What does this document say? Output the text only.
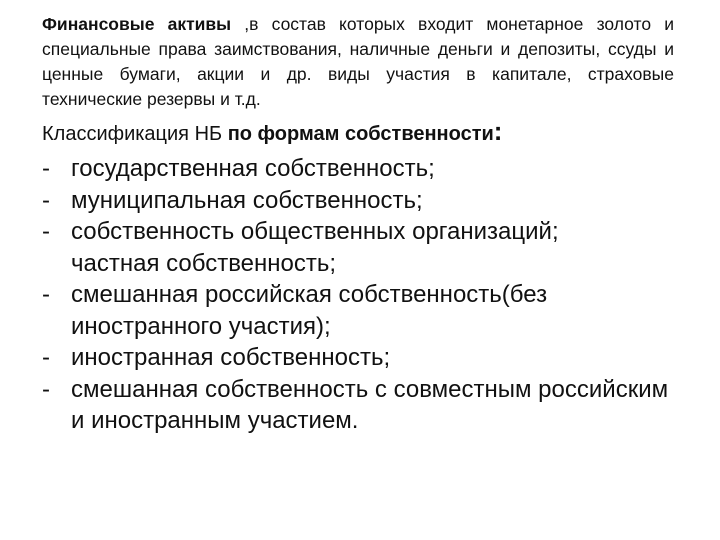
Финансовые активы ,в состав которых входит монетарное золото и специальные права заимствования, наличные деньги и депозиты, ссуды и ценные бумаги, акции и др. виды участия в капитале, страховые технические резервы и т.д.

Классификация НБ по формам собственности:

- государственная собственность;
- муниципальная собственность;
- собственность общественных организаций;
частная собственность;
- смешанная российская собственность(без иностранного участия);
- иностранная собственность;
- смешанная собственность с совместным российским и иностранным участием.
